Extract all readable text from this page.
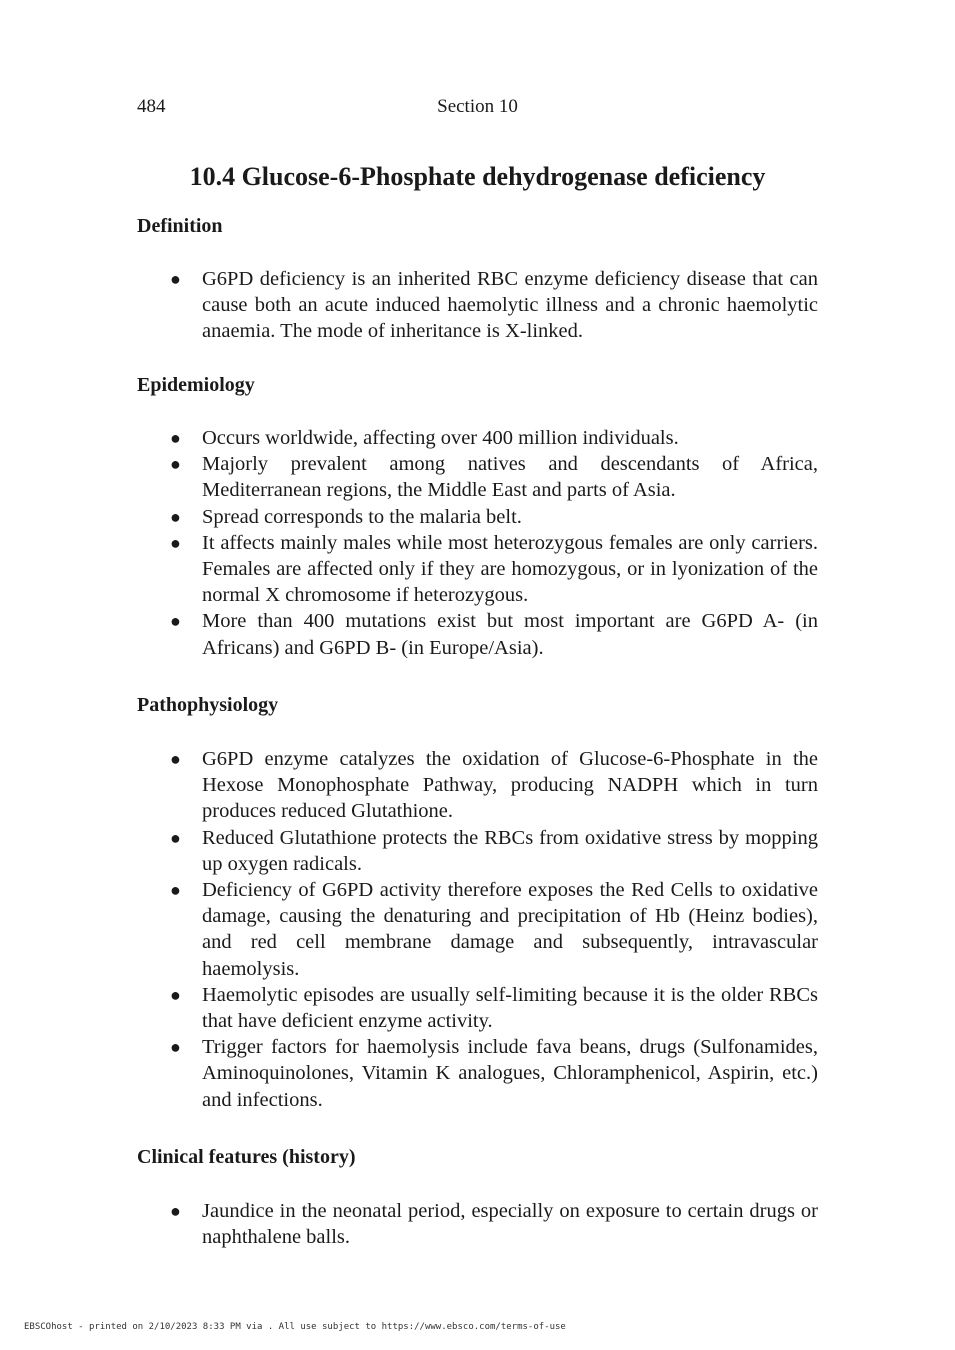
484	Section 10
10.4 Glucose-6-Phosphate dehydrogenase deficiency
Definition
● G6PD deficiency is an inherited RBC enzyme deficiency disease that can cause both an acute induced haemolytic illness and a chronic haemolytic anaemia. The mode of inheritance is X-linked.
Epidemiology
● Occurs worldwide, affecting over 400 million individuals.
● Majorly prevalent among natives and descendants of Africa, Mediterranean regions, the Middle East and parts of Asia.
● Spread corresponds to the malaria belt.
● It affects mainly males while most heterozygous females are only carriers. Females are affected only if they are homozygous, or in lyonization of the normal X chromosome if heterozygous.
● More than 400 mutations exist but most important are G6PD A- (in Africans) and G6PD B- (in Europe/Asia).
Pathophysiology
● G6PD enzyme catalyzes the oxidation of Glucose-6-Phosphate in the Hexose Monophosphate Pathway, producing NADPH which in turn produces reduced Glutathione.
● Reduced Glutathione protects the RBCs from oxidative stress by mopping up oxygen radicals.
● Deficiency of G6PD activity therefore exposes the Red Cells to oxidative damage, causing the denaturing and precipitation of Hb (Heinz bodies), and red cell membrane damage and subsequently, intravascular haemolysis.
● Haemolytic episodes are usually self-limiting because it is the older RBCs that have deficient enzyme activity.
● Trigger factors for haemolysis include fava beans, drugs (Sulfonamides, Aminoquinolones, Vitamin K analogues, Chloramphenicol, Aspirin, etc.) and infections.
Clinical features (history)
● Jaundice in the neonatal period, especially on exposure to certain drugs or naphthalene balls.
EBSCOhost - printed on 2/10/2023 8:33 PM via . All use subject to https://www.ebsco.com/terms-of-use
